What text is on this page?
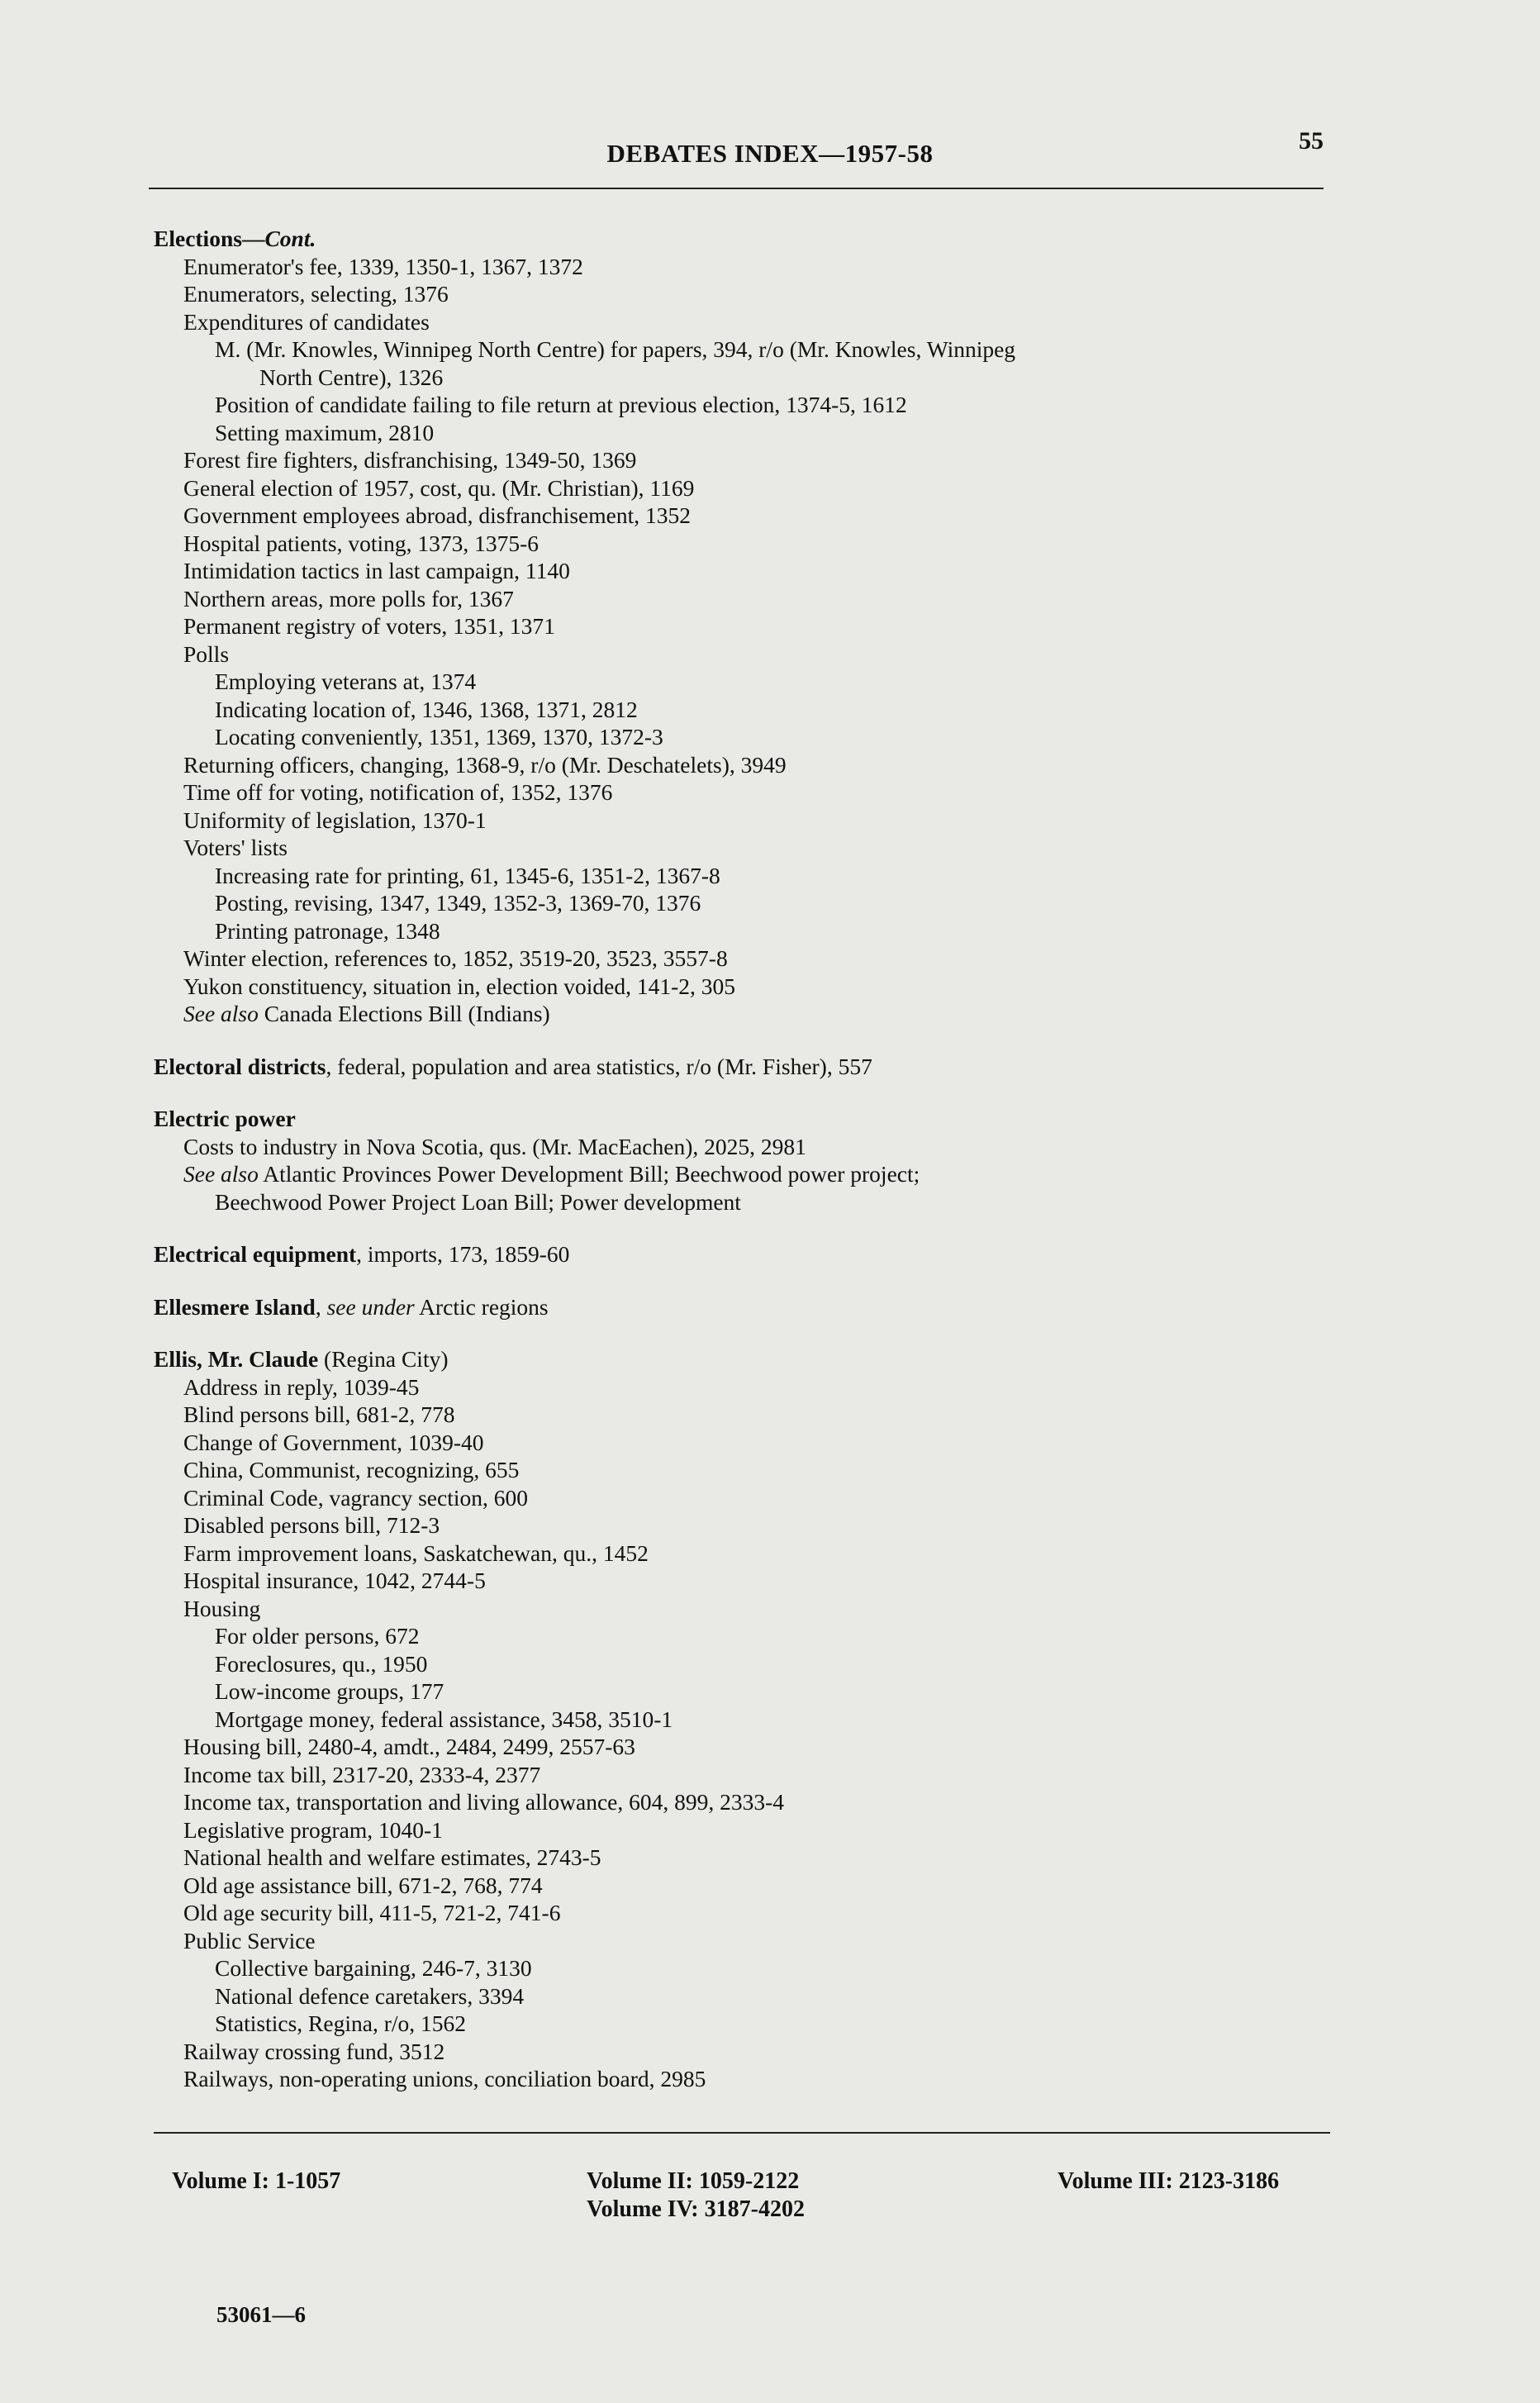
DEBATES INDEX—1957-58	55
Elections—Cont.
Enumerator's fee, 1339, 1350-1, 1367, 1372
Enumerators, selecting, 1376
Expenditures of candidates
M. (Mr. Knowles, Winnipeg North Centre) for papers, 394, r/o (Mr. Knowles, Winnipeg
North Centre), 1326
Position of candidate failing to file return at previous election, 1374-5, 1612
Setting maximum, 2810
Forest fire fighters, disfranchising, 1349-50, 1369
General election of 1957, cost, qu. (Mr. Christian), 1169
Government employees abroad, disfranchisement, 1352
Hospital patients, voting, 1373, 1375-6
Intimidation tactics in last campaign, 1140
Northern areas, more polls for, 1367
Permanent registry of voters, 1351, 1371
Polls
Employing veterans at, 1374
Indicating location of, 1346, 1368, 1371, 2812
Locating conveniently, 1351, 1369, 1370, 1372-3
Returning officers, changing, 1368-9, r/o (Mr. Deschatelets), 3949
Time off for voting, notification of, 1352, 1376
Uniformity of legislation, 1370-1
Voters' lists
Increasing rate for printing, 61, 1345-6, 1351-2, 1367-8
Posting, revising, 1347, 1349, 1352-3, 1369-70, 1376
Printing patronage, 1348
Winter election, references to, 1852, 3519-20, 3523, 3557-8
Yukon constituency, situation in, election voided, 141-2, 305
See also Canada Elections Bill (Indians)
Electoral districts, federal, population and area statistics, r/o (Mr. Fisher), 557
Electric power
Costs to industry in Nova Scotia, qus. (Mr. MacEachen), 2025, 2981
See also Atlantic Provinces Power Development Bill; Beechwood power project;
Beechwood Power Project Loan Bill; Power development
Electrical equipment, imports, 173, 1859-60
Ellesmere Island, see under Arctic regions
Ellis, Mr. Claude (Regina City)
Address in reply, 1039-45
Blind persons bill, 681-2, 778
Change of Government, 1039-40
China, Communist, recognizing, 655
Criminal Code, vagrancy section, 600
Disabled persons bill, 712-3
Farm improvement loans, Saskatchewan, qu., 1452
Hospital insurance, 1042, 2744-5
Housing
For older persons, 672
Foreclosures, qu., 1950
Low-income groups, 177
Mortgage money, federal assistance, 3458, 3510-1
Housing bill, 2480-4, amdt., 2484, 2499, 2557-63
Income tax bill, 2317-20, 2333-4, 2377
Income tax, transportation and living allowance, 604, 899, 2333-4
Legislative program, 1040-1
National health and welfare estimates, 2743-5
Old age assistance bill, 671-2, 768, 774
Old age security bill, 411-5, 721-2, 741-6
Public Service
Collective bargaining, 246-7, 3130
National defence caretakers, 3394
Statistics, Regina, r/o, 1562
Railway crossing fund, 3512
Railways, non-operating unions, conciliation board, 2985
Volume I: 1-1057	Volume II: 1059-2122
Volume IV: 3187-4202
Volume III: 2123-3186
53061—6
